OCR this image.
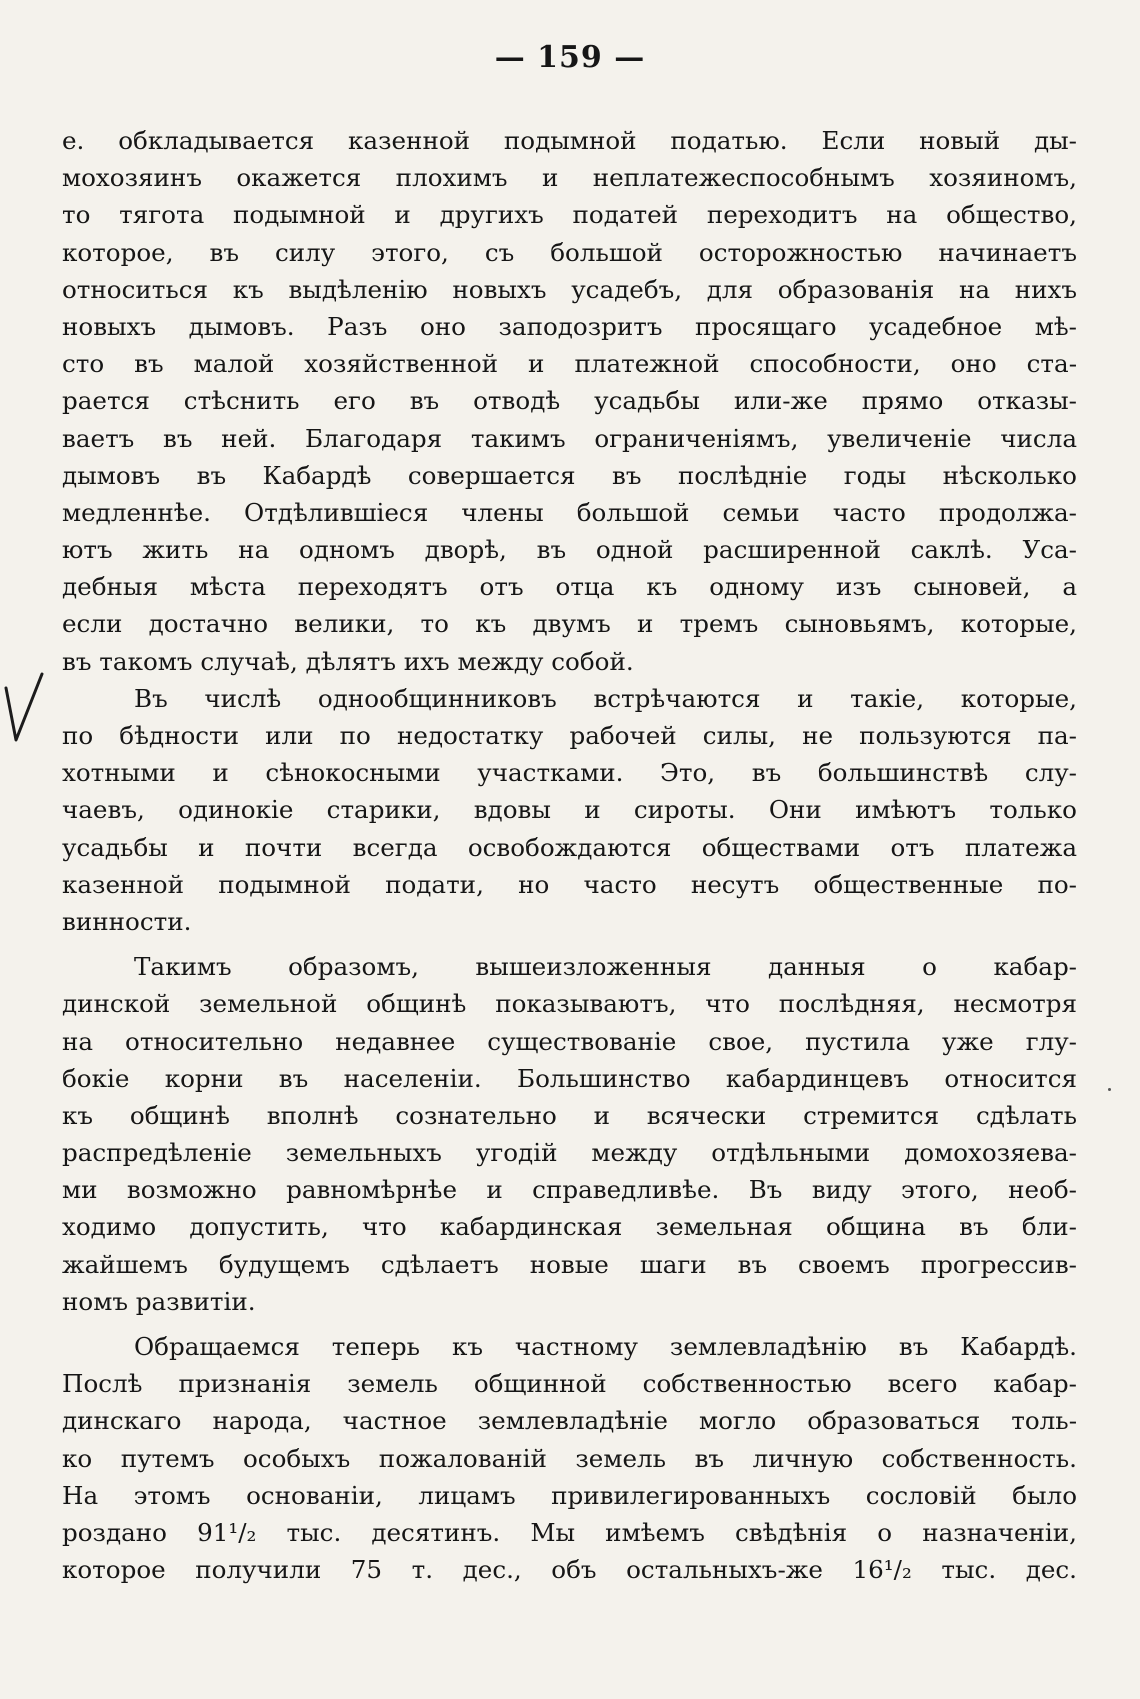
— 159 —
е. обкладывается казенной подымной податью. Если новый ды-
мохозяинъ окажется плохимъ и неплатежеспособнымъ хозяиномъ,
то тягота подымной и другихъ податей переходитъ на общество,
которое, въ силу этого, съ большой осторожностью начинаетъ
относиться къ выдѣленію новыхъ усадебъ, для образованія на нихъ
новыхъ дымовъ. Разъ оно заподозритъ просящаго усадебное мѣ-
сто въ малой хозяйственной и платежной способности, оно ста-
рается стѣснить его въ отводѣ усадьбы или-же прямо отказы-
ваетъ въ ней. Благодаря такимъ ограниченіямъ, увеличеніе числа
дымовъ въ Кабардѣ совершается въ послѣдніе годы нѣсколько
медленнѣе. Отдѣлившіеся члены большой семьи часто продолжа-
ютъ жить на одномъ дворѣ, въ одной расширенной саклѣ. Уса-
дебныя мѣста переходятъ отъ отца къ одному изъ сыновей, а
если достачно велики, то къ двумъ и тремъ сыновьямъ, которые,
въ такомъ случаѣ, дѣлятъ ихъ между собой.
Въ числѣ однообщинниковъ встрѣчаются и такіе, которые,
по бѣдности или по недостатку рабочей силы, не пользуются па-
хотными и сѣнокосными участками. Это, въ большинствѣ слу-
чаевъ, одинокіе старики, вдовы и сироты. Они имѣютъ только
усадьбы и почти всегда освобождаются обществами отъ платежа
казенной подымной подати, но часто несутъ общественные по-
винности.
Такимъ образомъ, вышеизложенныя данныя о кабар-
динской земельной общинѣ показываютъ, что послѣдняя, несмотря
на относительно недавнее существованіе свое, пустила уже глу-
бокіе корни въ населеніи. Большинство кабардинцевъ относится
къ общинѣ вполнѣ сознательно и всячески стремится сдѣлать
распредѣленіе земельныхъ угодій между отдѣльными домохозяева-
ми возможно равномѣрнѣе и справедливѣе. Въ виду этого, необ-
ходимо допустить, что кабардинская земельная община въ бли-
жайшемъ будущемъ сдѣлаетъ новые шаги въ своемъ прогрессив-
номъ развитіи.
Обращаемся теперь къ частному землевладѣнію въ Кабардѣ.
Послѣ признанія земель общинной собственностью всего кабар-
динскаго народа, частное землевладѣніе могло образоваться толь-
ко путемъ особыхъ пожалованій земель въ личную собственность.
На этомъ основаніи, лицамъ привилегированныхъ сословій было
роздано 91¹/₂ тыс. десятинъ. Мы имѣемъ свѣдѣнія о назначеніи,
которое получили 75 т. дес., объ остальныхъ-же 16¹/₂ тыс. дес.
